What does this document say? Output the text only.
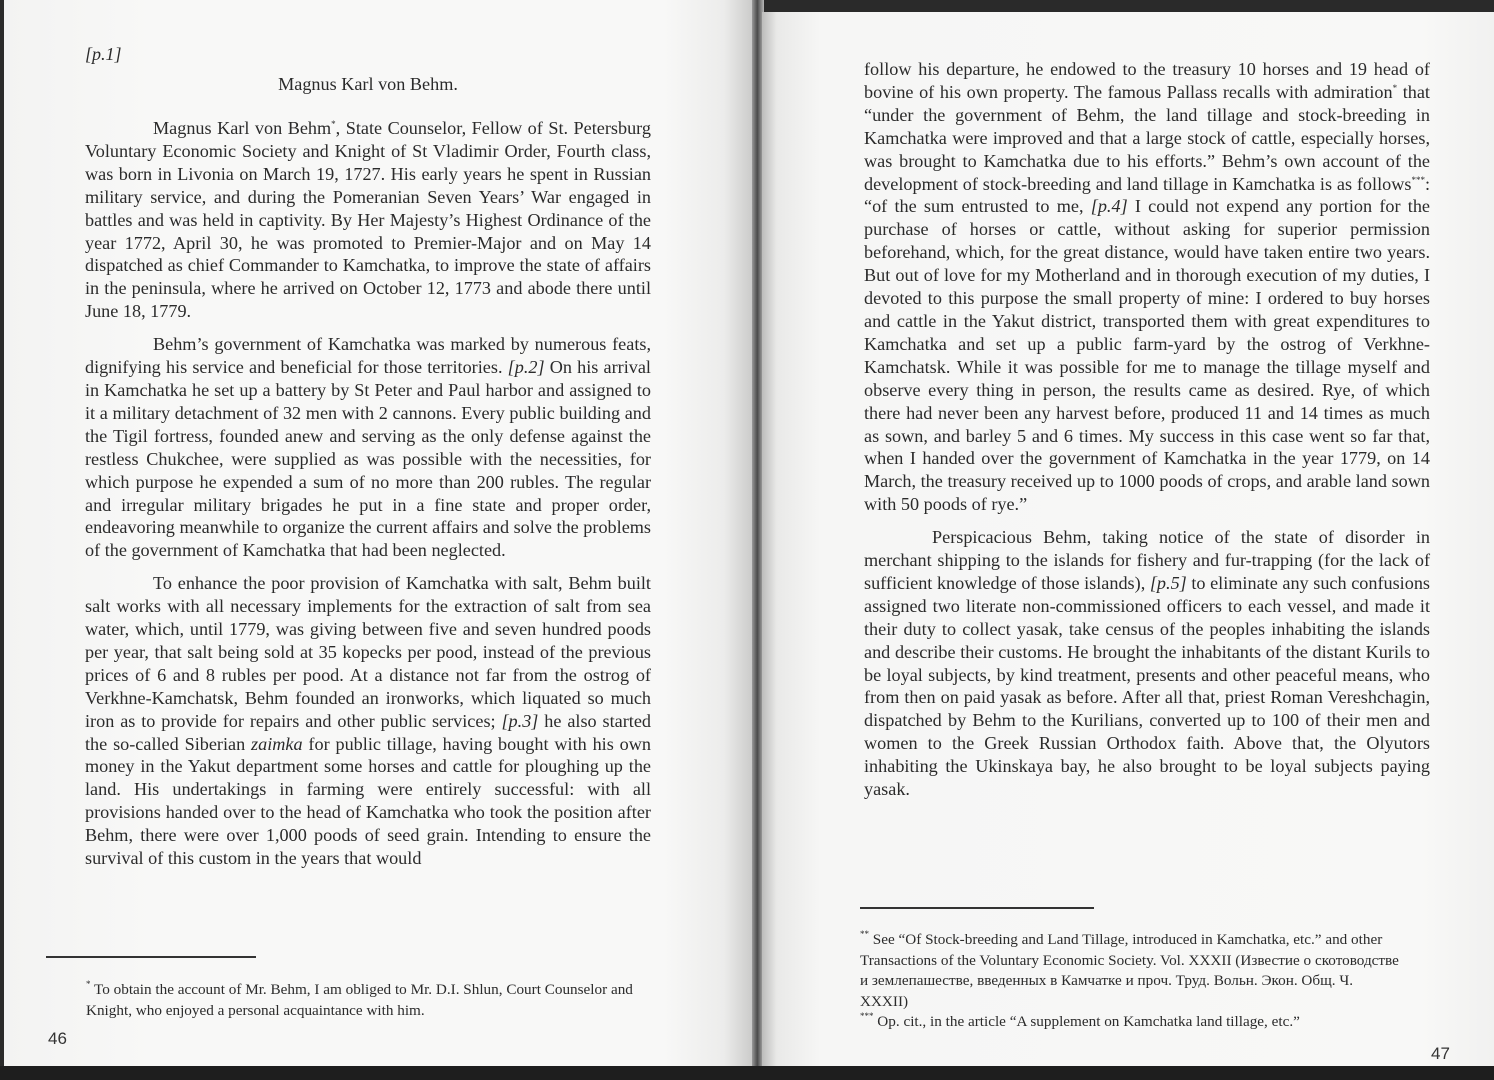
[p.1]
Magnus Karl von Behm.

Magnus Karl von Behm*, State Counselor, Fellow of St. Petersburg Voluntary Economic Society and Knight of St Vladimir Order, Fourth class, was born in Livonia on March 19, 1727. His early years he spent in Russian military service, and during the Pomeranian Seven Years’ War engaged in battles and was held in captivity. By Her Majesty’s Highest Ordinance of the year 1772, April 30, he was promoted to Premier-Major and on May 14 dispatched as chief Commander to Kamchatka, to improve the state of affairs in the peninsula, where he arrived on October 12, 1773 and abode there until June 18, 1779.

Behm’s government of Kamchatka was marked by numerous feats, dignifying his service and beneficial for those territories. [p.2] On his arrival in Kamchatka he set up a battery by St Peter and Paul harbor and assigned to it a military detachment of 32 men with 2 cannons. Every public building and the Tigil fortress, founded anew and serving as the only defense against the restless Chukchee, were supplied as was possible with the necessities, for which purpose he expended a sum of no more than 200 rubles. The regular and irregular military brigades he put in a fine state and proper order, endeavoring meanwhile to organize the current affairs and solve the problems of the government of Kamchatka that had been neglected.

To enhance the poor provision of Kamchatka with salt, Behm built salt works with all necessary implements for the extraction of salt from sea water, which, until 1779, was giving between five and seven hundred poods per year, that salt being sold at 35 kopecks per pood, instead of the previous prices of 6 and 8 rubles per pood. At a distance not far from the ostrog of Verkhne-Kamchatsk, Behm founded an ironworks, which liquated so much iron as to provide for repairs and other public services; [p.3] he also started the so-called Siberian zaimka for public tillage, having bought with his own money in the Yakut department some horses and cattle for ploughing up the land. His undertakings in farming were entirely successful: with all provisions handed over to the head of Kamchatka who took the position after Behm, there were over 1,000 poods of seed grain. Intending to ensure the survival of this custom in the years that would

* To obtain the account of Mr. Behm, I am obliged to Mr. D.I. Shlun, Court Counselor and Knight, who enjoyed a personal acquaintance with him.
46

follow his departure, he endowed to the treasury 10 horses and 19 head of bovine of his own property. The famous Pallass recalls with admiration* that “under the government of Behm, the land tillage and stock-breeding in Kamchatka were improved and that a large stock of cattle, especially horses, was brought to Kamchatka due to his efforts.” Behm’s own account of the development of stock-breeding and land tillage in Kamchatka is as follows***: “of the sum entrusted to me, [p.4] I could not expend any portion for the purchase of horses or cattle, without asking for superior permission beforehand, which, for the great distance, would have taken entire two years. But out of love for my Motherland and in thorough execution of my duties, I devoted to this purpose the small property of mine: I ordered to buy horses and cattle in the Yakut district, transported them with great expenditures to Kamchatka and set up a public farm-yard by the ostrog of Verkhne-Kamchatsk. While it was possible for me to manage the tillage myself and observe every thing in person, the results came as desired. Rye, of which there had never been any harvest before, produced 11 and 14 times as much as sown, and barley 5 and 6 times. My success in this case went so far that, when I handed over the government of Kamchatka in the year 1779, on 14 March, the treasury received up to 1000 poods of crops, and arable land sown with 50 poods of rye.”

Perspicacious Behm, taking notice of the state of disorder in merchant shipping to the islands for fishery and fur-trapping (for the lack of sufficient knowledge of those islands), [p.5] to eliminate any such confusions assigned two literate non-commissioned officers to each vessel, and made it their duty to collect yasak, take census of the peoples inhabiting the islands and describe their customs. He brought the inhabitants of the distant Kurils to be loyal subjects, by kind treatment, presents and other peaceful means, who from then on paid yasak as before. After all that, priest Roman Vereshchagin, dispatched by Behm to the Kurilians, converted up to 100 of their men and women to the Greek Russian Orthodox faith. Above that, the Olyutors inhabiting the Ukinskaya bay, he also brought to be loyal subjects paying yasak.

** See “Of Stock-breeding and Land Tillage, introduced in Kamchatka, etc.” and other Transactions of the Voluntary Economic Society. Vol. XXXII (Известие о скотоводстве и землепашестве, введенных в Камчатке и проч. Труд. Вольн. Экон. Общ. Ч. XXXII)
*** Op. cit., in the article “A supplement on Kamchatka land tillage, etc.”
47
